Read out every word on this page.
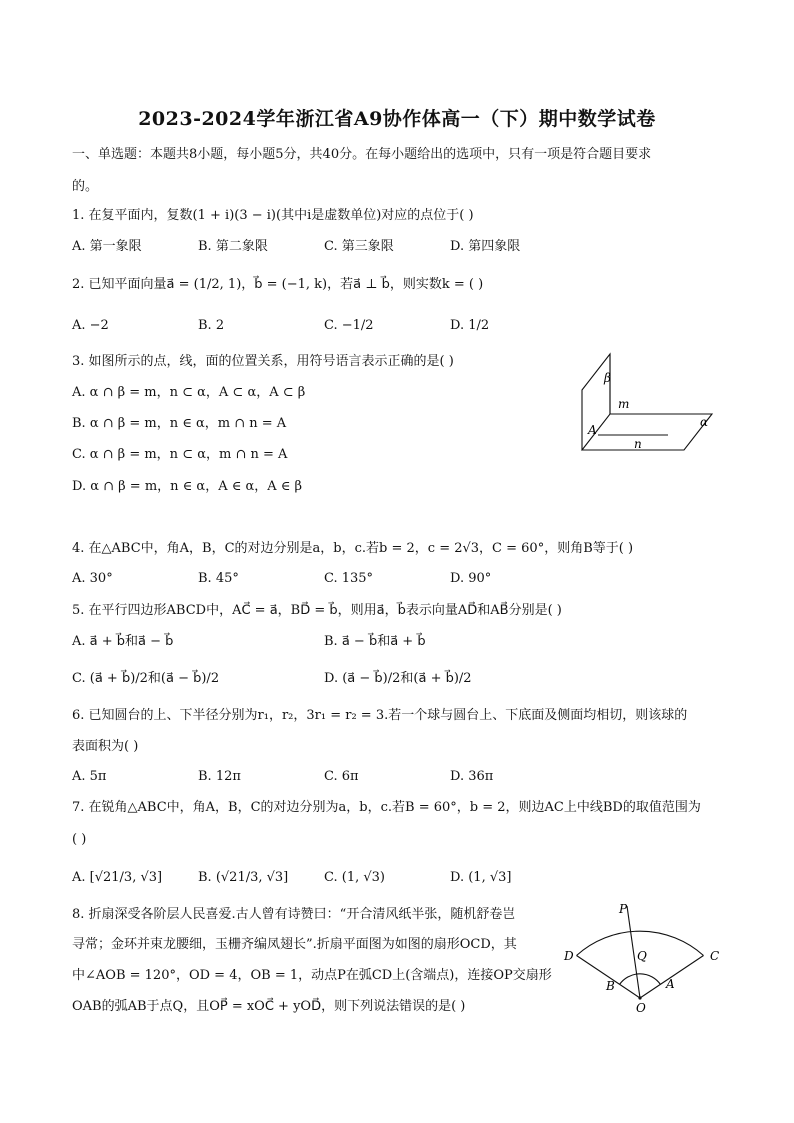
2023-2024学年浙江省A9协作体高一（下）期中数学试卷
一、单选题：本题共8小题，每小题5分，共40分。在每小题给出的选项中，只有一项是符合题目要求
的。
1. 在复平面内，复数(1 + i)(3 − i)(其中i是虚数单位)对应的点位于( )
A. 第一象限	B. 第二象限	C. 第三象限	D. 第四象限
2. 已知平面向量a⃗ = (1/2, 1)，b⃗ = (−1, k)，若a⃗ ⊥ b⃗，则实数k = ( )
A. −2	B. 2	C. −1/2	D. 1/2
3. 如图所示的点，线，面的位置关系，用符号语言表示正确的是( )
A. α ∩ β = m，n ⊂ α，A ⊂ α，A ⊂ β
B. α ∩ β = m，n ∈ α，m ∩ n = A
C. α ∩ β = m，n ⊂ α，m ∩ n = A
D. α ∩ β = m，n ∈ α，A ∈ α，A ∈ β
β
m
α
A
n
4. 在△ABC中，角A，B，C的对边分别是a，b，c.若b = 2，c = 2√3，C = 60°，则角B等于( )
A. 30°	B. 45°	C. 135°	D. 90°
5. 在平行四边形ABCD中，AC⃗ = a⃗，BD⃗ = b⃗，则用a⃗，b⃗表示向量AD⃗和AB⃗分别是( )
A. a⃗ + b⃗和a⃗ − b⃗	B. a⃗ − b⃗和a⃗ + b⃗
C. (a⃗ + b⃗)/2和(a⃗ − b⃗)/2	D. (a⃗ − b⃗)/2和(a⃗ + b⃗)/2
6. 已知圆台的上、下半径分别为r₁，r₂，3r₁ = r₂ = 3.若一个球与圆台上、下底面及侧面均相切，则该球的
表面积为( )
A. 5π	B. 12π	C. 6π	D. 36π
7. 在锐角△ABC中，角A，B，C的对边分别为a，b，c.若B = 60°，b = 2，则边AC上中线BD的取值范围为
( )
A. [√21/3, √3]	B. (√21/3, √3]	C. (1, √3)	D. (1, √3]
8. 折扇深受各阶层人民喜爱.古人曾有诗赞曰：“开合清风纸半张，随机舒卷岂
寻常；金环并束龙腰细，玉栅齐编凤翅长”.折扇平面图为如图的扇形OCD，其
中∠AOB = 120°，OD = 4，OB = 1，动点P在弧CD上(含端点)，连接OP交扇形
OAB的弧AB于点Q，且OP⃗ = xOC⃗ + yOD⃗，则下列说法错误的是( )
P
D	Q	C
B	A
O
